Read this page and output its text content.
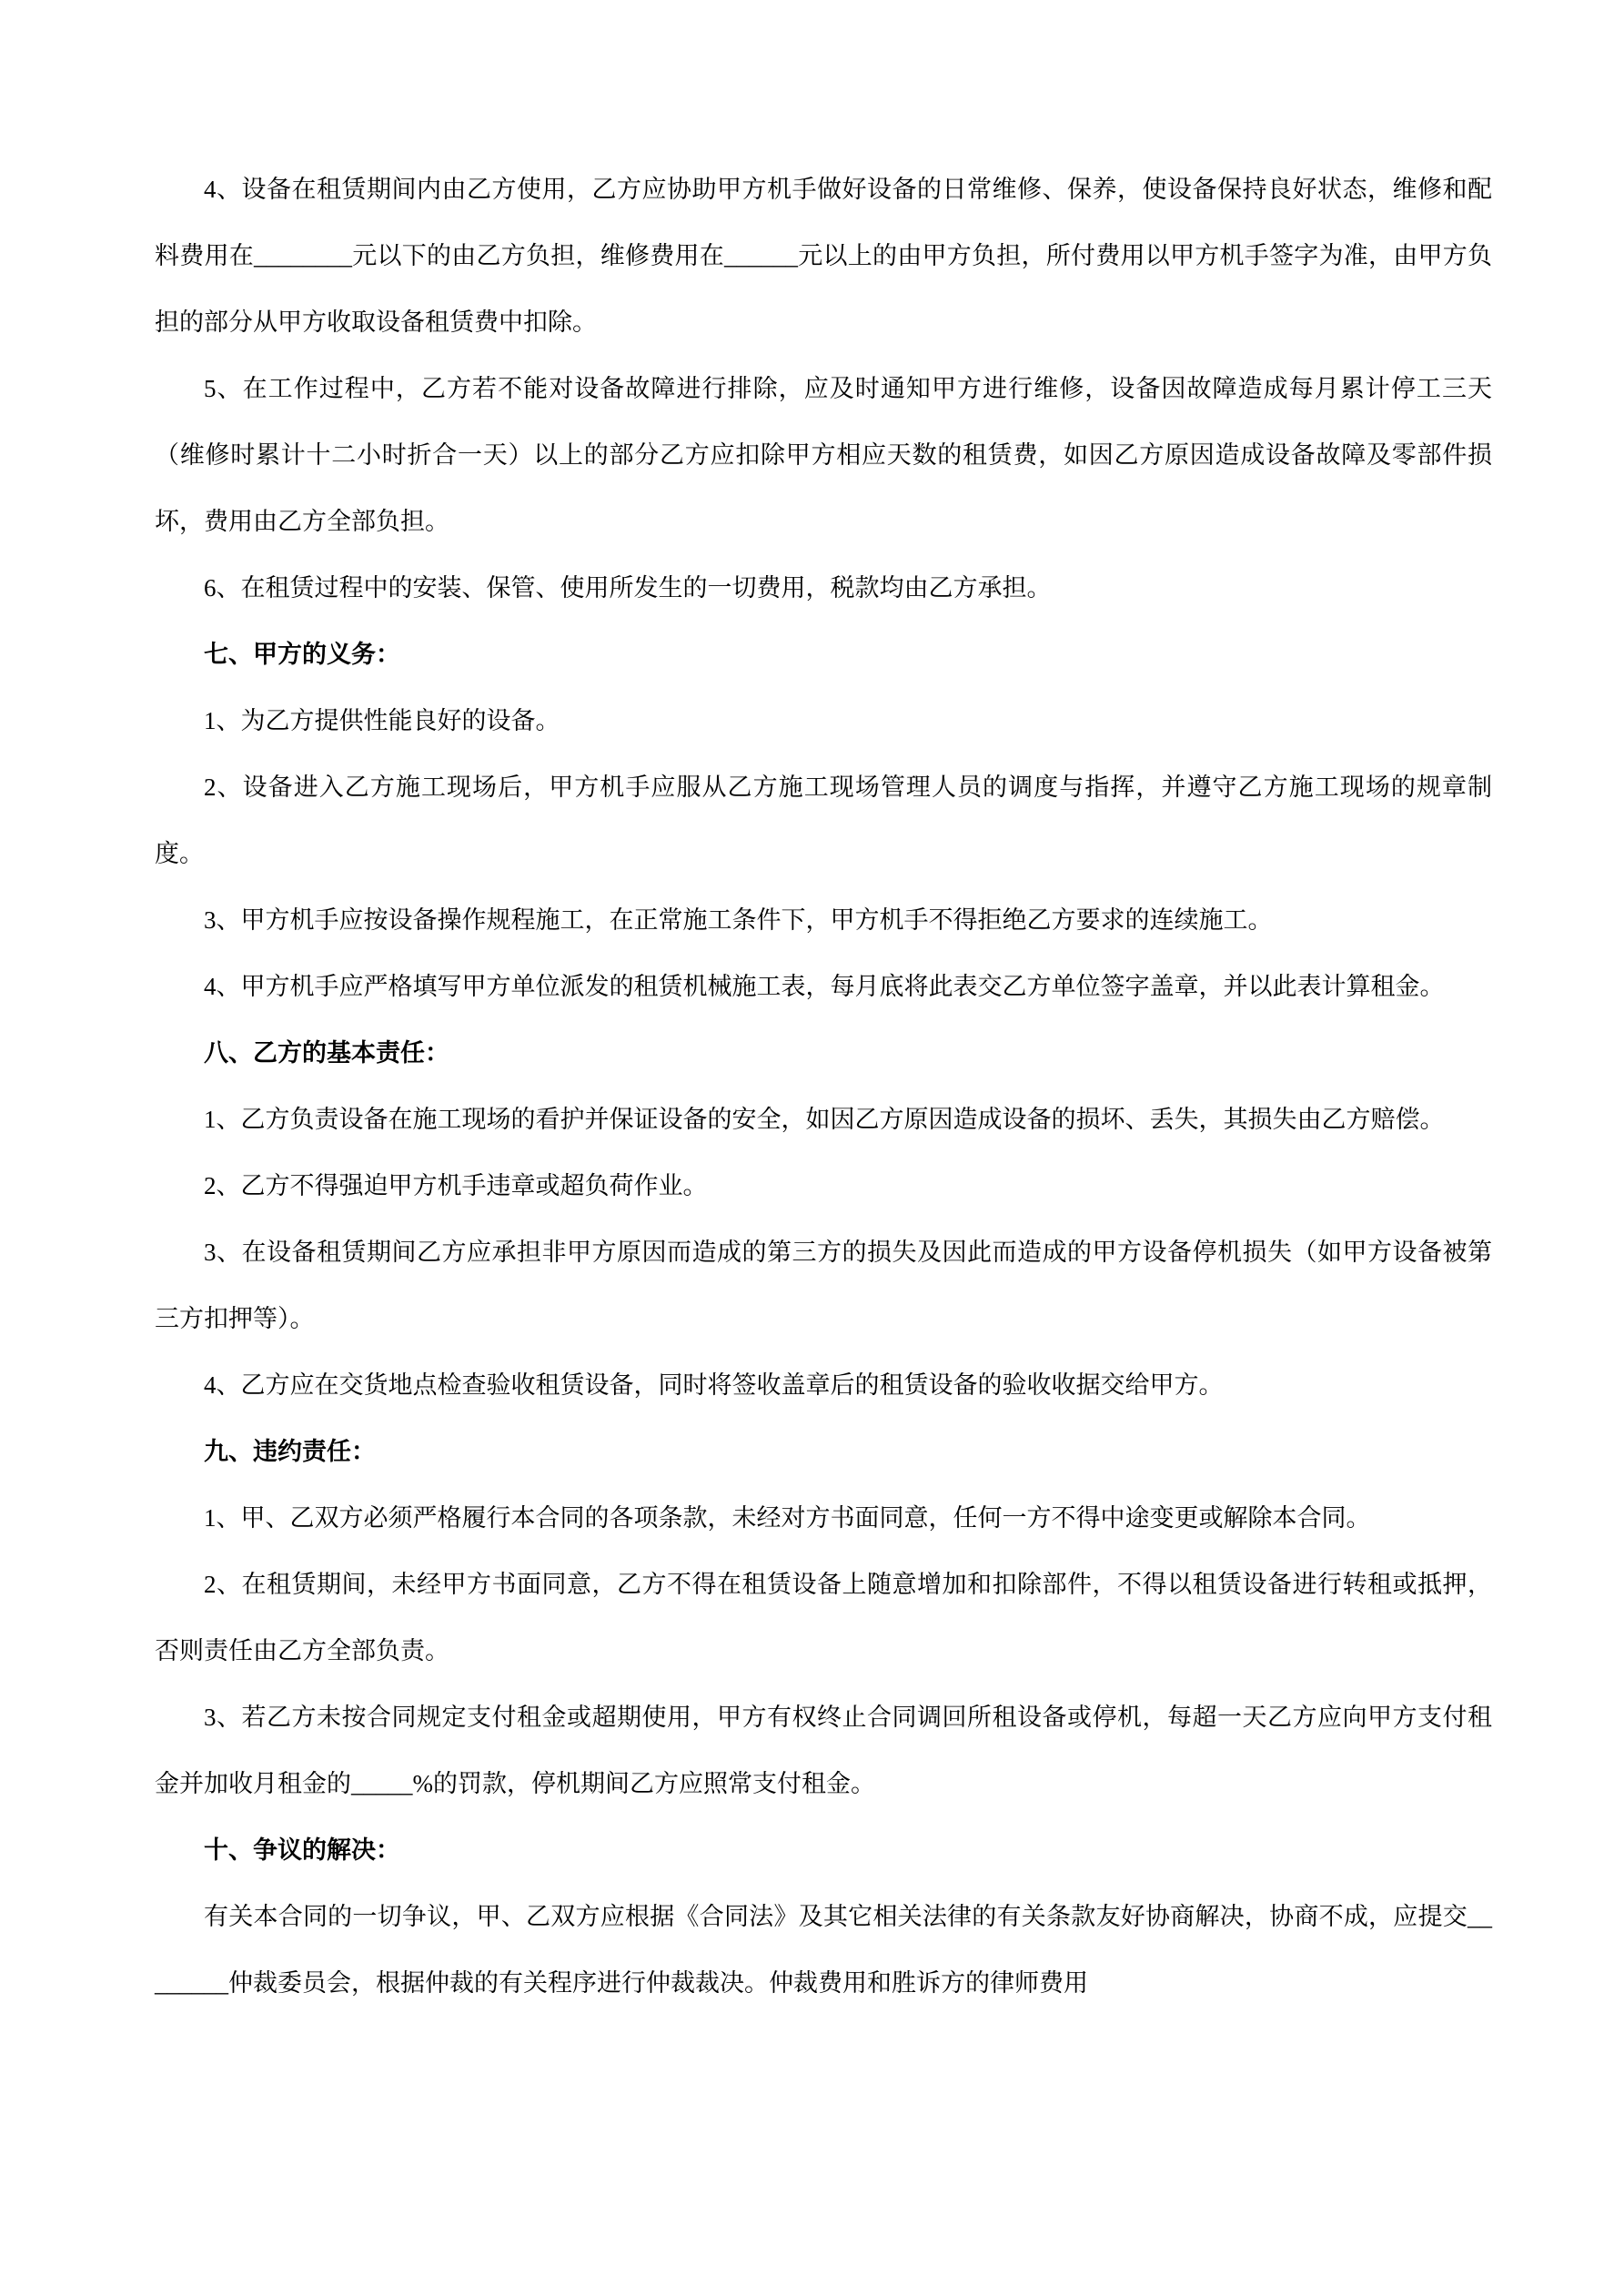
4、设备在租赁期间内由乙方使用，乙方应协助甲方机手做好设备的日常维修、保养，使设备保持良好状态，维修和配料费用在________元以下的由乙方负担，维修费用在______元以上的由甲方负担，所付费用以甲方机手签字为准，由甲方负担的部分从甲方收取设备租赁费中扣除。

5、在工作过程中，乙方若不能对设备故障进行排除，应及时通知甲方进行维修，设备因故障造成每月累计停工三天（维修时累计十二小时折合一天）以上的部分乙方应扣除甲方相应天数的租赁费，如因乙方原因造成设备故障及零部件损坏，费用由乙方全部负担。

6、在租赁过程中的安装、保管、使用所发生的一切费用，税款均由乙方承担。

七、甲方的义务：

1、为乙方提供性能良好的设备。

2、设备进入乙方施工现场后，甲方机手应服从乙方施工现场管理人员的调度与指挥，并遵守乙方施工现场的规章制度。

3、甲方机手应按设备操作规程施工，在正常施工条件下，甲方机手不得拒绝乙方要求的连续施工。

4、甲方机手应严格填写甲方单位派发的租赁机械施工表，每月底将此表交乙方单位签字盖章，并以此表计算租金。

八、乙方的基本责任：

1、乙方负责设备在施工现场的看护并保证设备的安全，如因乙方原因造成设备的损坏、丢失，其损失由乙方赔偿。

2、乙方不得强迫甲方机手违章或超负荷作业。

3、在设备租赁期间乙方应承担非甲方原因而造成的第三方的损失及因此而造成的甲方设备停机损失（如甲方设备被第三方扣押等）。

4、乙方应在交货地点检查验收租赁设备，同时将签收盖章后的租赁设备的验收收据交给甲方。

九、违约责任：

1、甲、乙双方必须严格履行本合同的各项条款，未经对方书面同意，任何一方不得中途变更或解除本合同。

2、在租赁期间，未经甲方书面同意，乙方不得在租赁设备上随意增加和扣除部件，不得以租赁设备进行转租或抵押，否则责任由乙方全部负责。

3、若乙方未按合同规定支付租金或超期使用，甲方有权终止合同调回所租设备或停机，每超一天乙方应向甲方支付租金并加收月租金的_____%的罚款，停机期间乙方应照常支付租金。

十、争议的解决：

有关本合同的一切争议，甲、乙双方应根据《合同法》及其它相关法律的有关条款友好协商解决，协商不成，应提交________仲裁委员会，根据仲裁的有关程序进行仲裁裁决。仲裁费用和胜诉方的律师费用
